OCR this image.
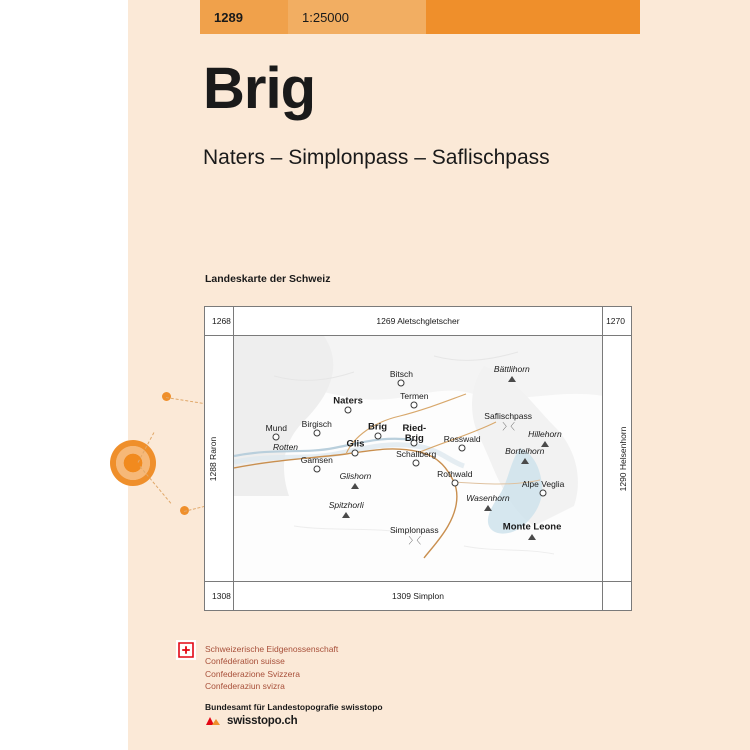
1289	1:25000
Brig
Naters – Simplonpass – Saflischpass
Landeskarte der Schweiz
1268	1269 Aletschgletscher	1270
1308	1309 Simplon
1288 Raron	1290 Helsenhorn
Bitsch	Bättlihorn
Naters	Termen
Mund Birgisch	Brig	〉〈
Saflischpass
Ried-
Brig Rosswald	Hillehorn
Rotten	Glis
Gamsen
Schallberg	Bortelhorn
Glishorn	Rothwald
Alpe Veglia
Wasenhorn
Spitzhorli
〉〈
Simplonpass	Monte Leone
Schweizerische Eidgenossenschaft
Confédération suisse
Confederazione Svizzera
Confederaziun svizra
Bundesamt für Landestopografie swisstopo
swisstopo.ch
